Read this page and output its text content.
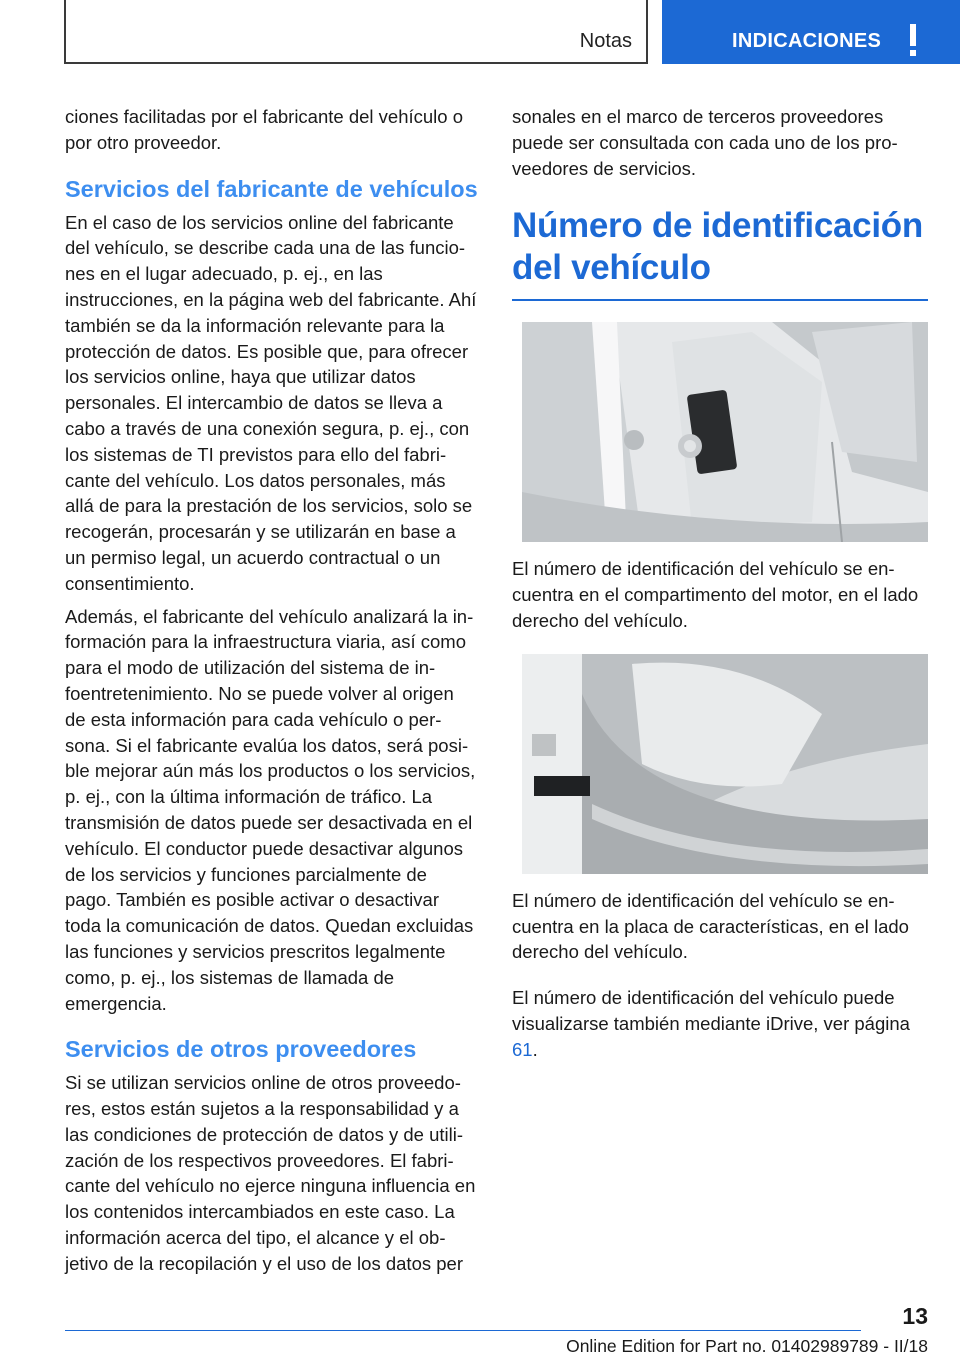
Notas	INDICACIONES

ciones facilitadas por el fabricante del vehículo o por otro proveedor.

Servicios del fabricante de vehículos

En el caso de los servicios online del fabricante del vehículo, se describe cada una de las funciones en el lugar adecuado, p. ej., en las instrucciones, en la página web del fabricante. Ahí también se da la información relevante para la protección de datos. Es posible que, para ofrecer los servicios online, haya que utilizar datos personales. El intercambio de datos se lleva a cabo a través de una conexión segura, p. ej., con los sistemas de TI previstos para ello del fabricante del vehículo. Los datos personales, más allá de para la prestación de los servicios, solo se recogerán, procesarán y se utilizarán en base a un permiso legal, un acuerdo contractual o un consentimiento.

Además, el fabricante del vehículo analizará la información para la infraestructura viaria, así como para el modo de utilización del sistema de infoentretenimiento. No se puede volver al origen de esta información para cada vehículo o persona. Si el fabricante evalúa los datos, será posible mejorar aún más los productos o los servicios, p. ej., con la última información de tráfico. La transmisión de datos puede ser desactivada en el vehículo. El conductor puede desactivar algunos de los servicios y funciones parcialmente de pago. También es posible activar o desactivar toda la comunicación de datos. Quedan excluidas las funciones y servicios prescritos legalmente como, p. ej., los sistemas de llamada de emergencia.

Servicios de otros proveedores

Si se utilizan servicios online de otros proveedores, estos están sujetos a la responsabilidad y a las condiciones de protección de datos y de utilización de los respectivos proveedores. El fabricante del vehículo no ejerce ninguna influencia en los contenidos intercambiados en este caso. La información acerca del tipo, el alcance y el objetivo de la recopilación y el uso de los datos per

sonales en el marco de terceros proveedores puede ser consultada con cada uno de los proveedores de servicios.

Número de identificación del vehículo

El número de identificación del vehículo se encuentra en el compartimento del motor, en el lado derecho del vehículo.

El número de identificación del vehículo se encuentra en la placa de características, en el lado derecho del vehículo.

El número de identificación del vehículo puede visualizarse también mediante iDrive, ver página 61.

13
Online Edition for Part no. 01402989789 - II/18
